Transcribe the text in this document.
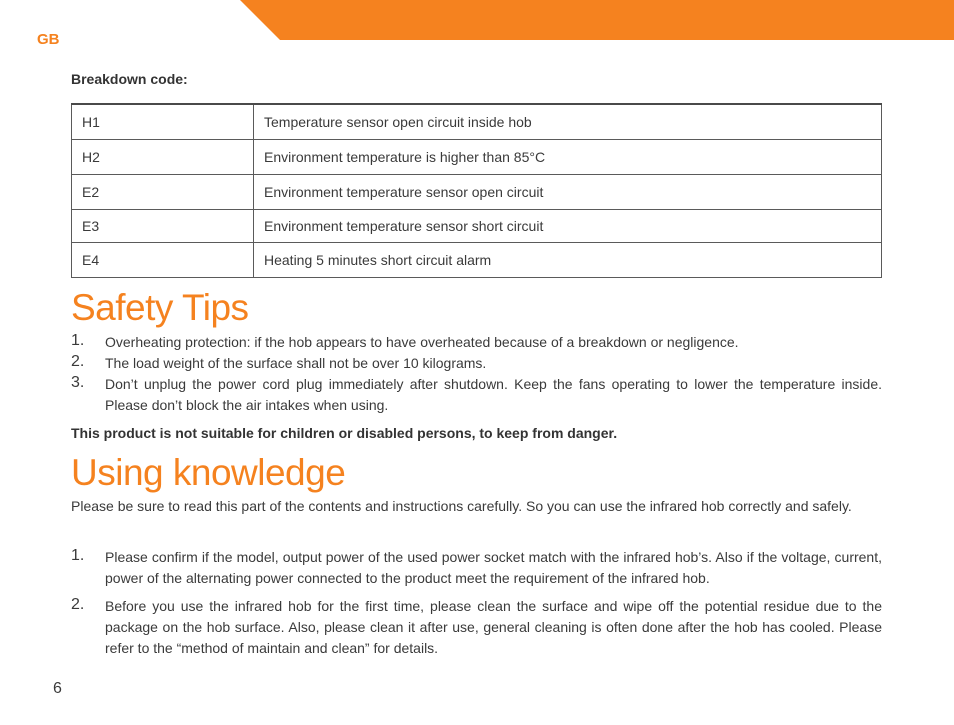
GB
Breakdown code:
H1	Temperature sensor open circuit inside hob
H2	Environment temperature is higher than 85°C
E2	Environment temperature sensor open circuit
E3	Environment temperature sensor short circuit
E4	Heating 5 minutes short circuit alarm
Safety Tips
1. Overheating protection: if the hob appears to have overheated because of a breakdown or negligence.
2. The load weight of the surface shall not be over 10 kilograms.
3. Don’t unplug the power cord plug immediately after shutdown. Keep the fans operating to lower the temperature inside. Please don’t block the air intakes when using.
This product is not suitable for children or disabled persons, to keep from danger.
Using knowledge

Please be sure to read this part of the contents and instructions carefully. So you can use the infrared hob correctly and safely.

1. Please confirm if the model, output power of the used power socket match with the infrared hob’s. Also if the voltage, current, power of the alternating power connected to the product meet the requirement of the infrared hob.
2. Before you use the infrared hob for the first time, please clean the surface and wipe off the potential residue due to the package on the hob surface. Also, please clean it after use, general cleaning is often done after the hob has cooled. Please refer to the “method of maintain and clean” for details.
6
